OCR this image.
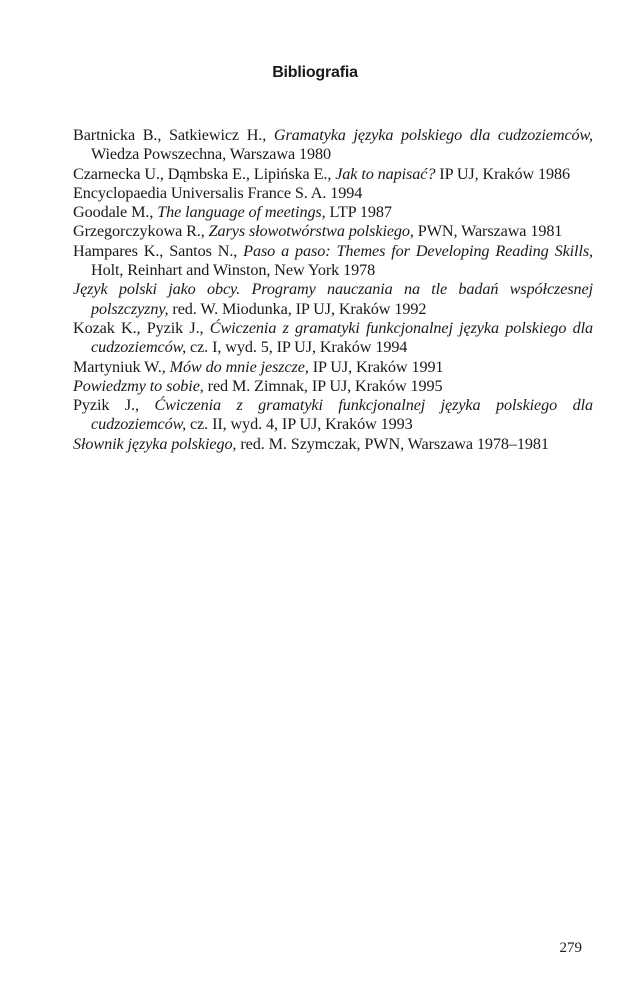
Bibliografia
Bartnicka B., Satkiewicz H., Gramatyka języka polskiego dla cudzoziemców, Wiedza Powszechna, Warszawa 1980
Czarnecka U., Dąmbska E., Lipińska E., Jak to napisać? IP UJ, Kraków 1986
Encyclopaedia Universalis France S. A. 1994
Goodale M., The language of meetings, LTP 1987
Grzegorczykowa R., Zarys słowotwórstwa polskiego, PWN, Warszawa 1981
Hampares K., Santos N., Paso a paso: Themes for Developing Reading Skills, Holt, Reinhart and Winston, New York 1978
Język polski jako obcy. Programy nauczania na tle badań współczesnej polszczyzny, red. W. Miodunka, IP UJ, Kraków 1992
Kozak K., Pyzik J., Ćwiczenia z gramatyki funkcjonalnej języka polskiego dla cudzoziemców, cz. I, wyd. 5, IP UJ, Kraków 1994
Martyniuk W., Mów do mnie jeszcze, IP UJ, Kraków 1991
Powiedzmy to sobie, red M. Zimnak, IP UJ, Kraków 1995
Pyzik J., Ćwiczenia z gramatyki funkcjonalnej języka polskiego dla cudzoziemców, cz. II, wyd. 4, IP UJ, Kraków 1993
Słownik języka polskiego, red. M. Szymczak, PWN, Warszawa 1978–1981
279
